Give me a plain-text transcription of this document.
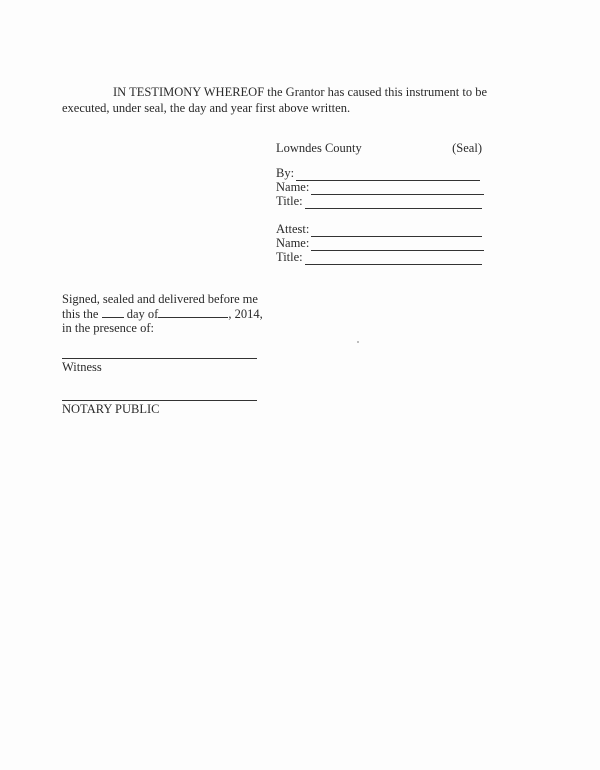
IN TESTIMONY WHEREOF the Grantor has caused this instrument to be executed, under seal, the day and year first above written.
Lowndes County	(Seal)
By:
Name:
Title:
Attest:
Name:
Title:
Signed, sealed and delivered before me
this the day of	, 2014,
in the presence of:
Witness
NOTARY PUBLIC
